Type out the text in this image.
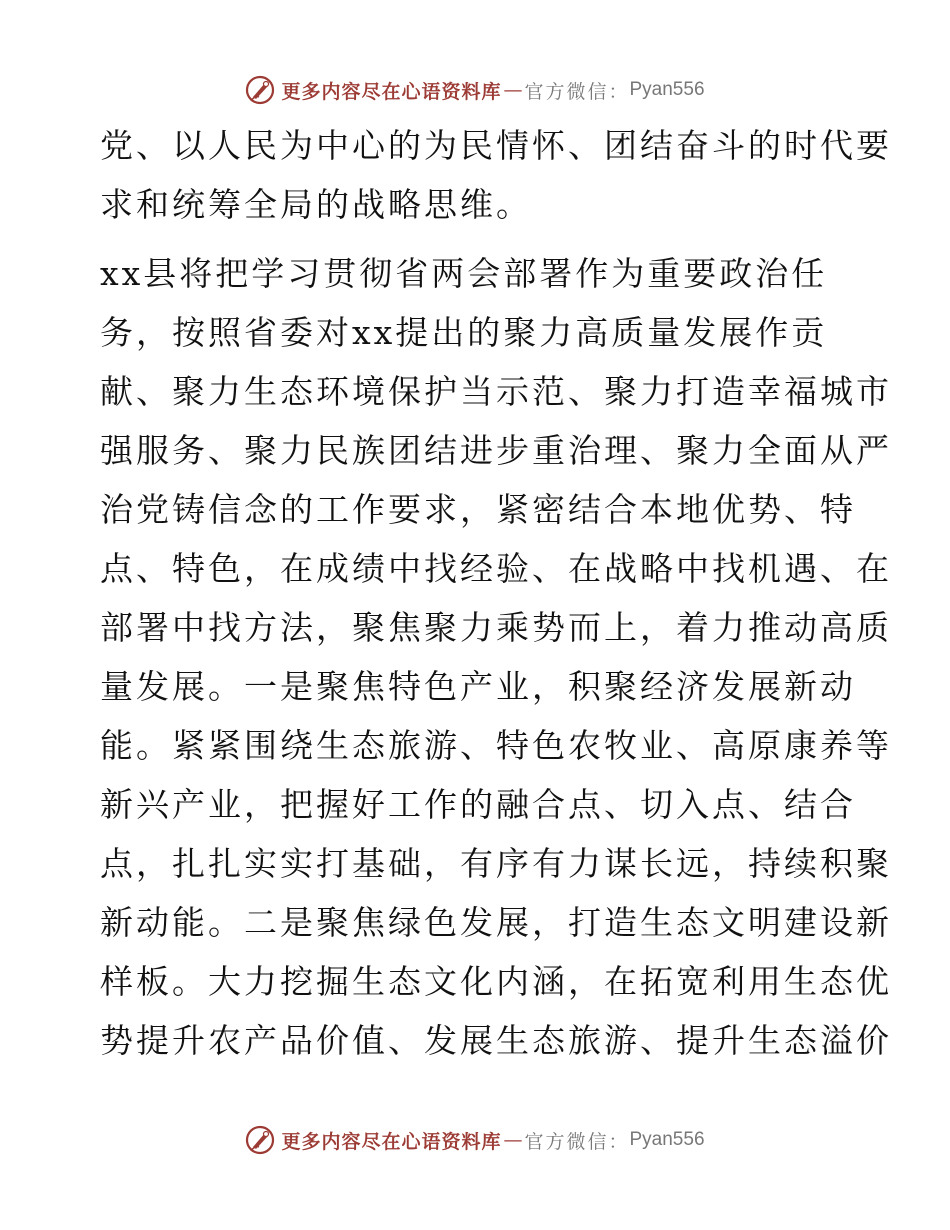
更多内容尽在心语资料库 — 官方微信： Pyan556

党、以人民为中心的为民情怀、团结奋斗的时代要
求和统筹全局的战略思维。

xx县将把学习贯彻省两会部署作为重要政治任
务，按照省委对xx提出的聚力高质量发展作贡
献、聚力生态环境保护当示范、聚力打造幸福城市
强服务、聚力民族团结进步重治理、聚力全面从严
治党铸信念的工作要求，紧密结合本地优势、特
点、特色，在成绩中找经验、在战略中找机遇、在
部署中找方法，聚焦聚力乘势而上，着力推动高质
量发展。一是聚焦特色产业，积聚经济发展新动
能。紧紧围绕生态旅游、特色农牧业、高原康养等
新兴产业，把握好工作的融合点、切入点、结合
点，扎扎实实打基础，有序有力谋长远，持续积聚
新动能。二是聚焦绿色发展，打造生态文明建设新
样板。大力挖掘生态文化内涵，在拓宽利用生态优
势提升农产品价值、发展生态旅游、提升生态溢价

更多内容尽在心语资料库 — 官方微信： Pyan556
